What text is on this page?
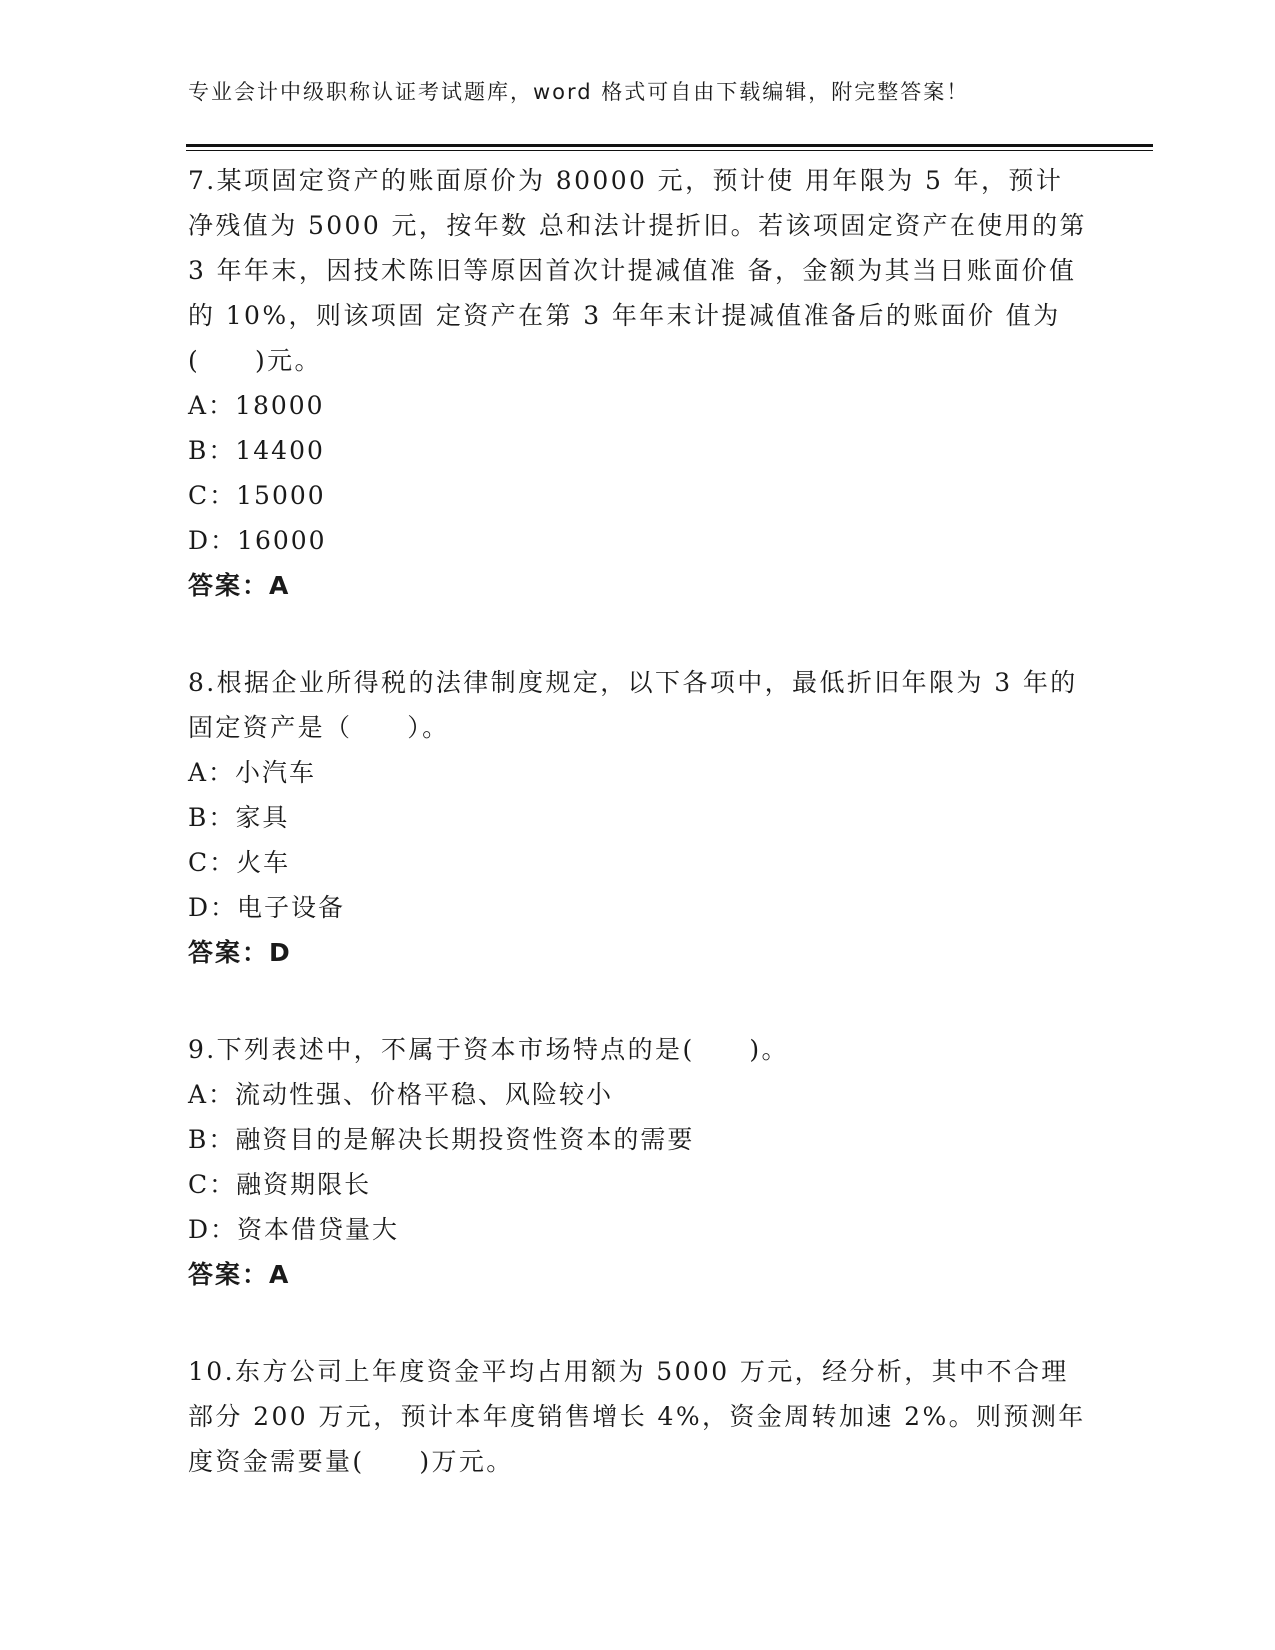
专业会计中级职称认证考试题库，word 格式可自由下载编辑，附完整答案！

7.某项固定资产的账面原价为 80000 元，预计使 用年限为 5 年，预计净残值为 5000 元，按年数 总和法计提折旧。若该项固定资产在使用的第 3 年年末，因技术陈旧等原因首次计提减值准 备，金额为其当日账面价值的 10%，则该项固 定资产在第 3 年年末计提减值准备后的账面价 值为(　　)元。

A：18000
B：14400
C：15000
D：16000
答案：A

8.根据企业所得税的法律制度规定，以下各项中，最低折旧年限为 3 年的固定资产是（　　）。

A：小汽车
B：家具
C：火车
D：电子设备
答案：D

9.下列表述中，不属于资本市场特点的是(　　)。

A：流动性强、价格平稳、风险较小
B：融资目的是解决长期投资性资本的需要
C：融资期限长
D：资本借贷量大
答案：A

10.东方公司上年度资金平均占用额为 5000 万元，经分析，其中不合理部分 200 万元，预计本年度销售增长 4%，资金周转加速 2%。则预测年度资金需要量(　　)万元。
